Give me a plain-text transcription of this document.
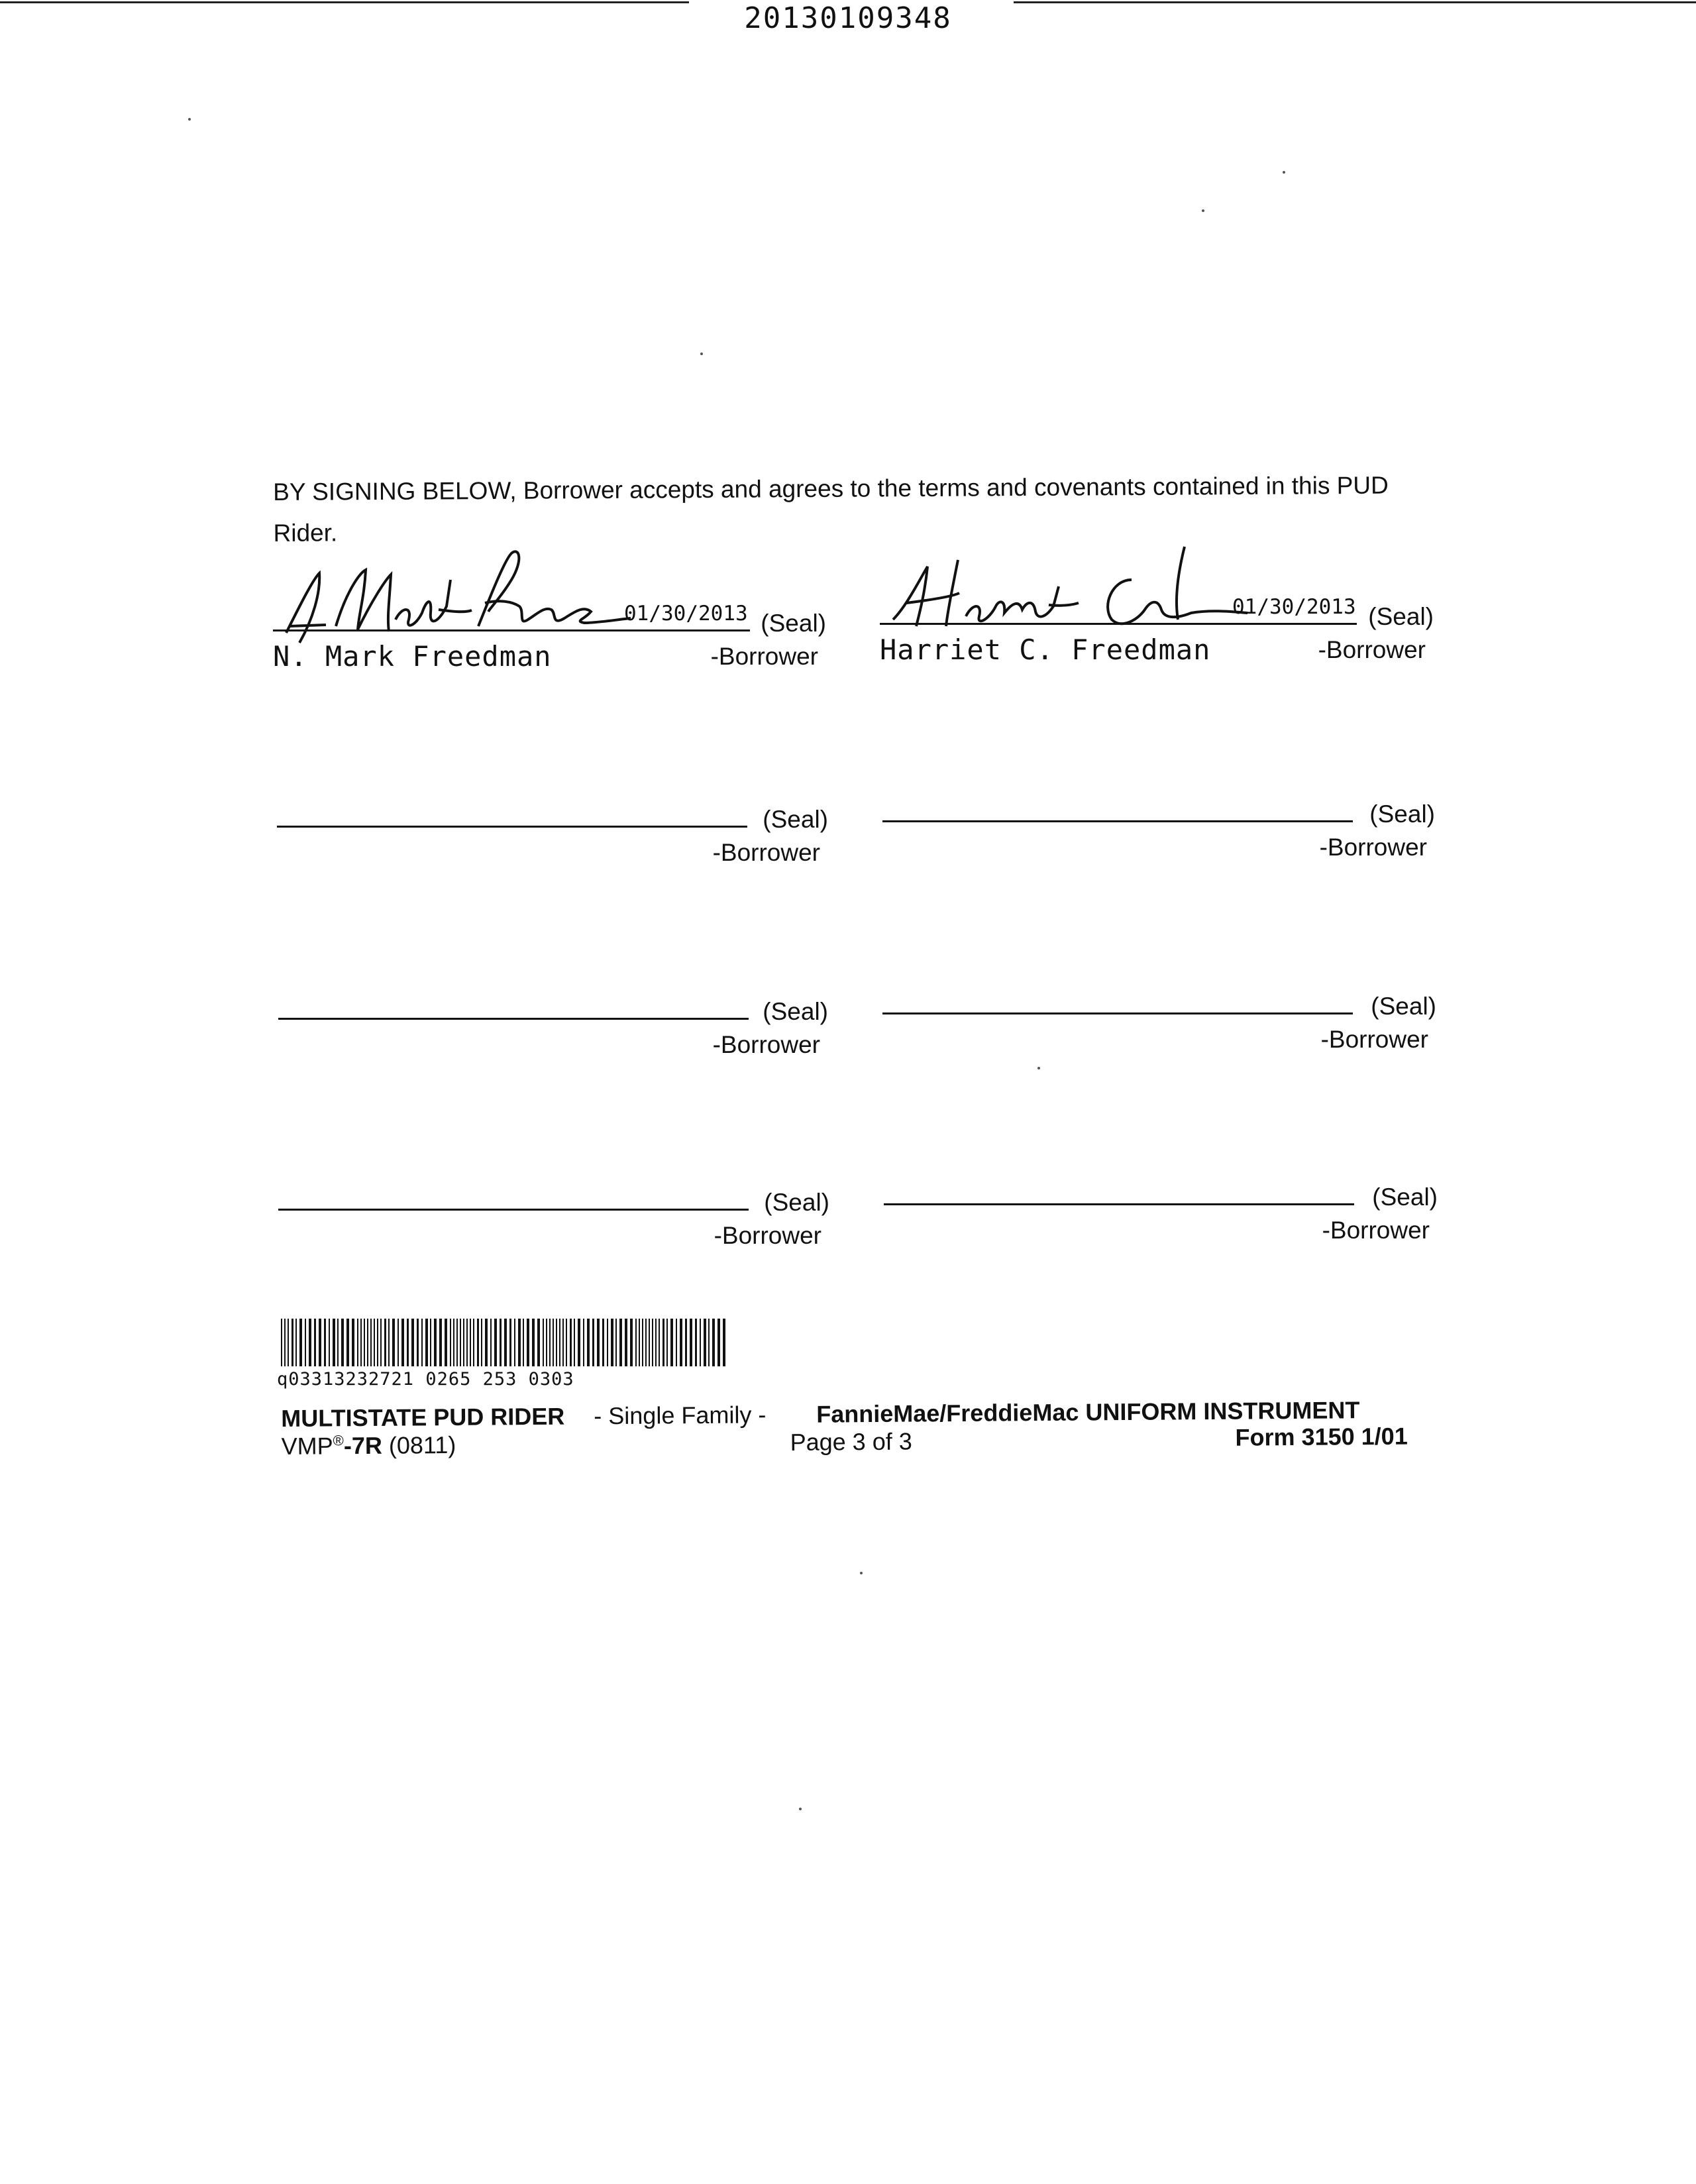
20130109348
BY SIGNING BELOW, Borrower accepts and agrees to the terms and covenants contained in this PUD Rider.
01/30/2013 (Seal)
N. Mark Freedman	-Borrower
01/30/2013 (Seal)
Harriet C. Freedman	-Borrower
(Seal)
-Borrower
(Seal)
-Borrower
(Seal)
-Borrower
(Seal)
-Borrower
(Seal)
-Borrower
(Seal)
-Borrower
q03313232721 0265 253 0303
MULTISTATE PUD RIDER - Single Family - FannieMae/FreddieMac UNIFORM INSTRUMENT
VMP®-7R (0811)	Page 3 of 3	Form 3150 1/01
